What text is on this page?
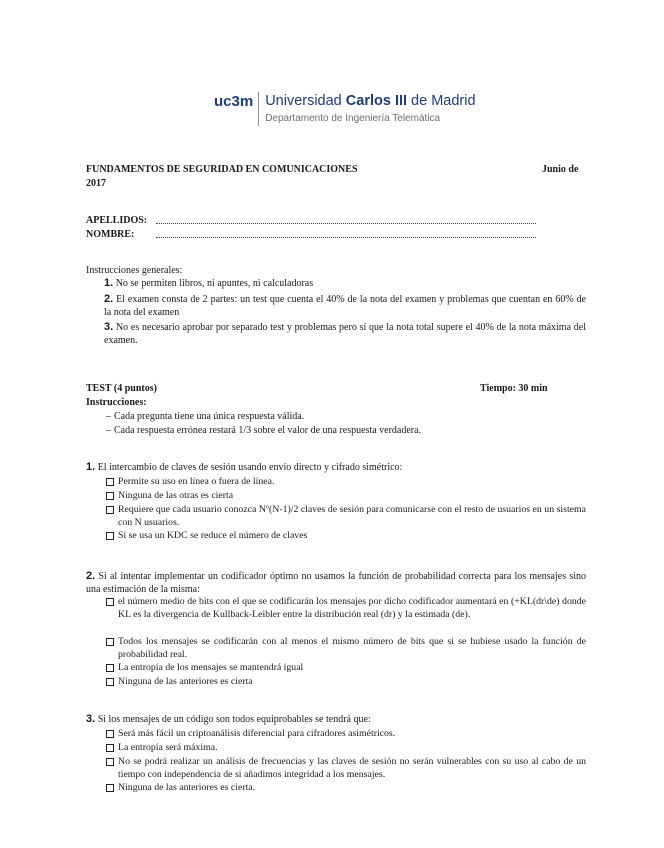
uc3m Universidad Carlos III de Madrid
Departamento de Ingeniería Telemática
FUNDAMENTOS DE SEGURIDAD EN COMUNICACIONES	Junio de
2017
APELLIDOS:
NOMBRE:
Instrucciones generales:
1. No se permiten libros, ni apuntes, ni calculadoras
2. El examen consta de 2 partes: un test que cuenta el 40% de la nota del examen y problemas que cuentan en 60% de la nota del examen
3. No es necesario aprobar por separado test y problemas pero sí que la nota total supere el 40% de la nota máxima del examen.
TEST (4 puntos)	Tiempo: 30 min
Instrucciones:
– Cada pregunta tiene una única respuesta válida.
– Cada respuesta errónea restará 1/3 sobre el valor de una respuesta verdadera.
1. El intercambio de claves de sesión usando envío directo y cifrado simétrico:
Permite su uso en línea o fuera de línea.
Ninguna de las otras es cierta
Requiere que cada usuario conozca Nº(N-1)/2 claves de sesión para comunicarse con el resto de usuarios en un sistema con N usuarios.
Si se usa un KDC se reduce el número de claves
2. Si al intentar implementar un codificador óptimo no usamos la función de probabilidad correcta para los mensajes sino una estimación de la misma:
el número medio de bits con el que se codificarán los mensajes por dicho codificador aumentará en (+KL(dr\de) donde KL es la divergencia de Kullback-Leibler entre la distribución real (dr) y la estimada (de).
Todos los mensajes se codificarán con al menos el mismo número de bits que si se hubiese usado la función de probabilidad real.
La entropía de los mensajes se mantendrá igual
Ninguna de las anteriores es cierta
3. Si los mensajes de un código son todos equiprobables se tendrá que:
Será más fácil un criptoanálisis diferencial para cifradores asimétricos.
La entropía será máxima.
No se podrá realizar un análisis de frecuencias y las claves de sesión no serán vulnerables con su uso al cabo de un tiempo con independencia de si añadimos integridad a los mensajes.
Ninguna de las anteriores es cierta.
